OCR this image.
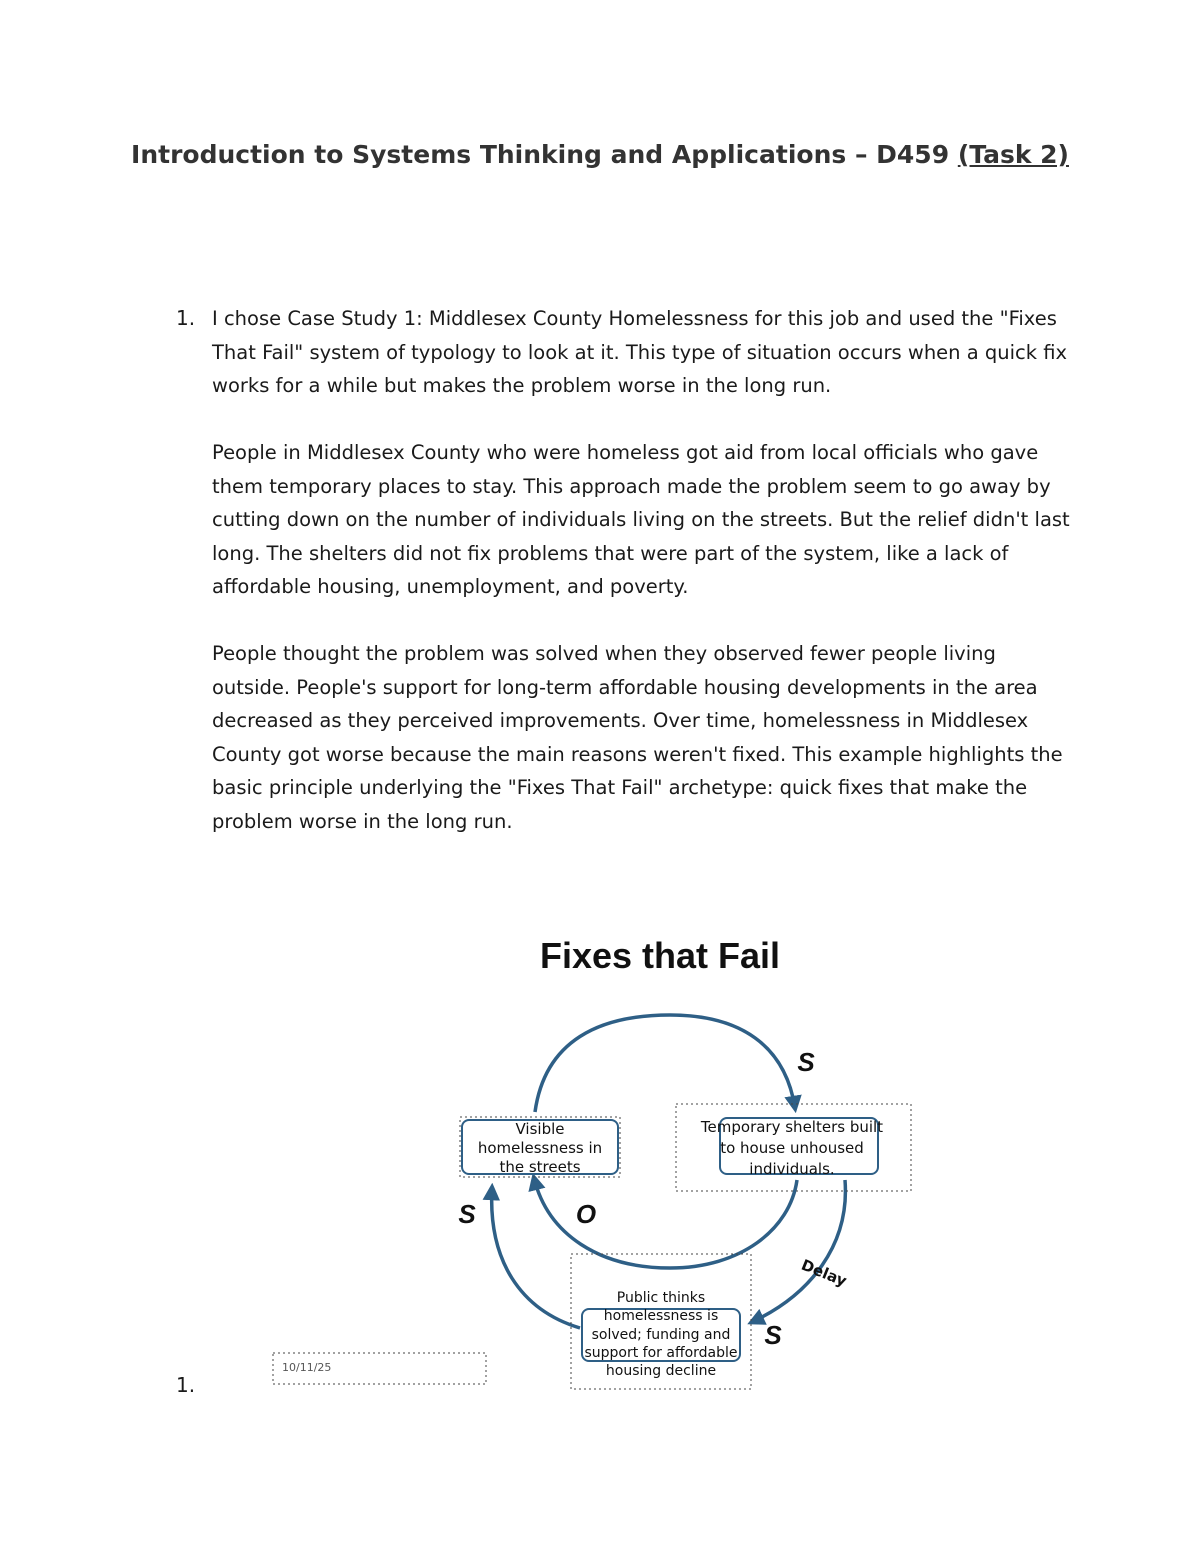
Introduction to Systems Thinking and Applications – D459 (Task 2)
1. I chose Case Study 1: Middlesex County Homelessness for this job and used the "Fixes That Fail" system of typology to look at it. This type of situation occurs when a quick fix works for a while but makes the problem worse in the long run.

People in Middlesex County who were homeless got aid from local officials who gave them temporary places to stay. This approach made the problem seem to go away by cutting down on the number of individuals living on the streets. But the relief didn't last long. The shelters did not fix problems that were part of the system, like a lack of affordable housing, unemployment, and poverty.

People thought the problem was solved when they observed fewer people living outside. People's support for long-term affordable housing developments in the area decreased as they perceived improvements. Over time, homelessness in Middlesex County got worse because the main reasons weren't fixed. This example highlights the basic principle underlying the "Fixes That Fail" archetype: quick fixes that make the problem worse in the long run.

Fixes that Fail
Visible
homelessness in
the streets
Temporary shelters built
to house unhoused
individuals.
Public thinks
homelessness is
solved; funding and
support for affordable
housing decline
S
S	O
S
Delay
10/11/25
1.
